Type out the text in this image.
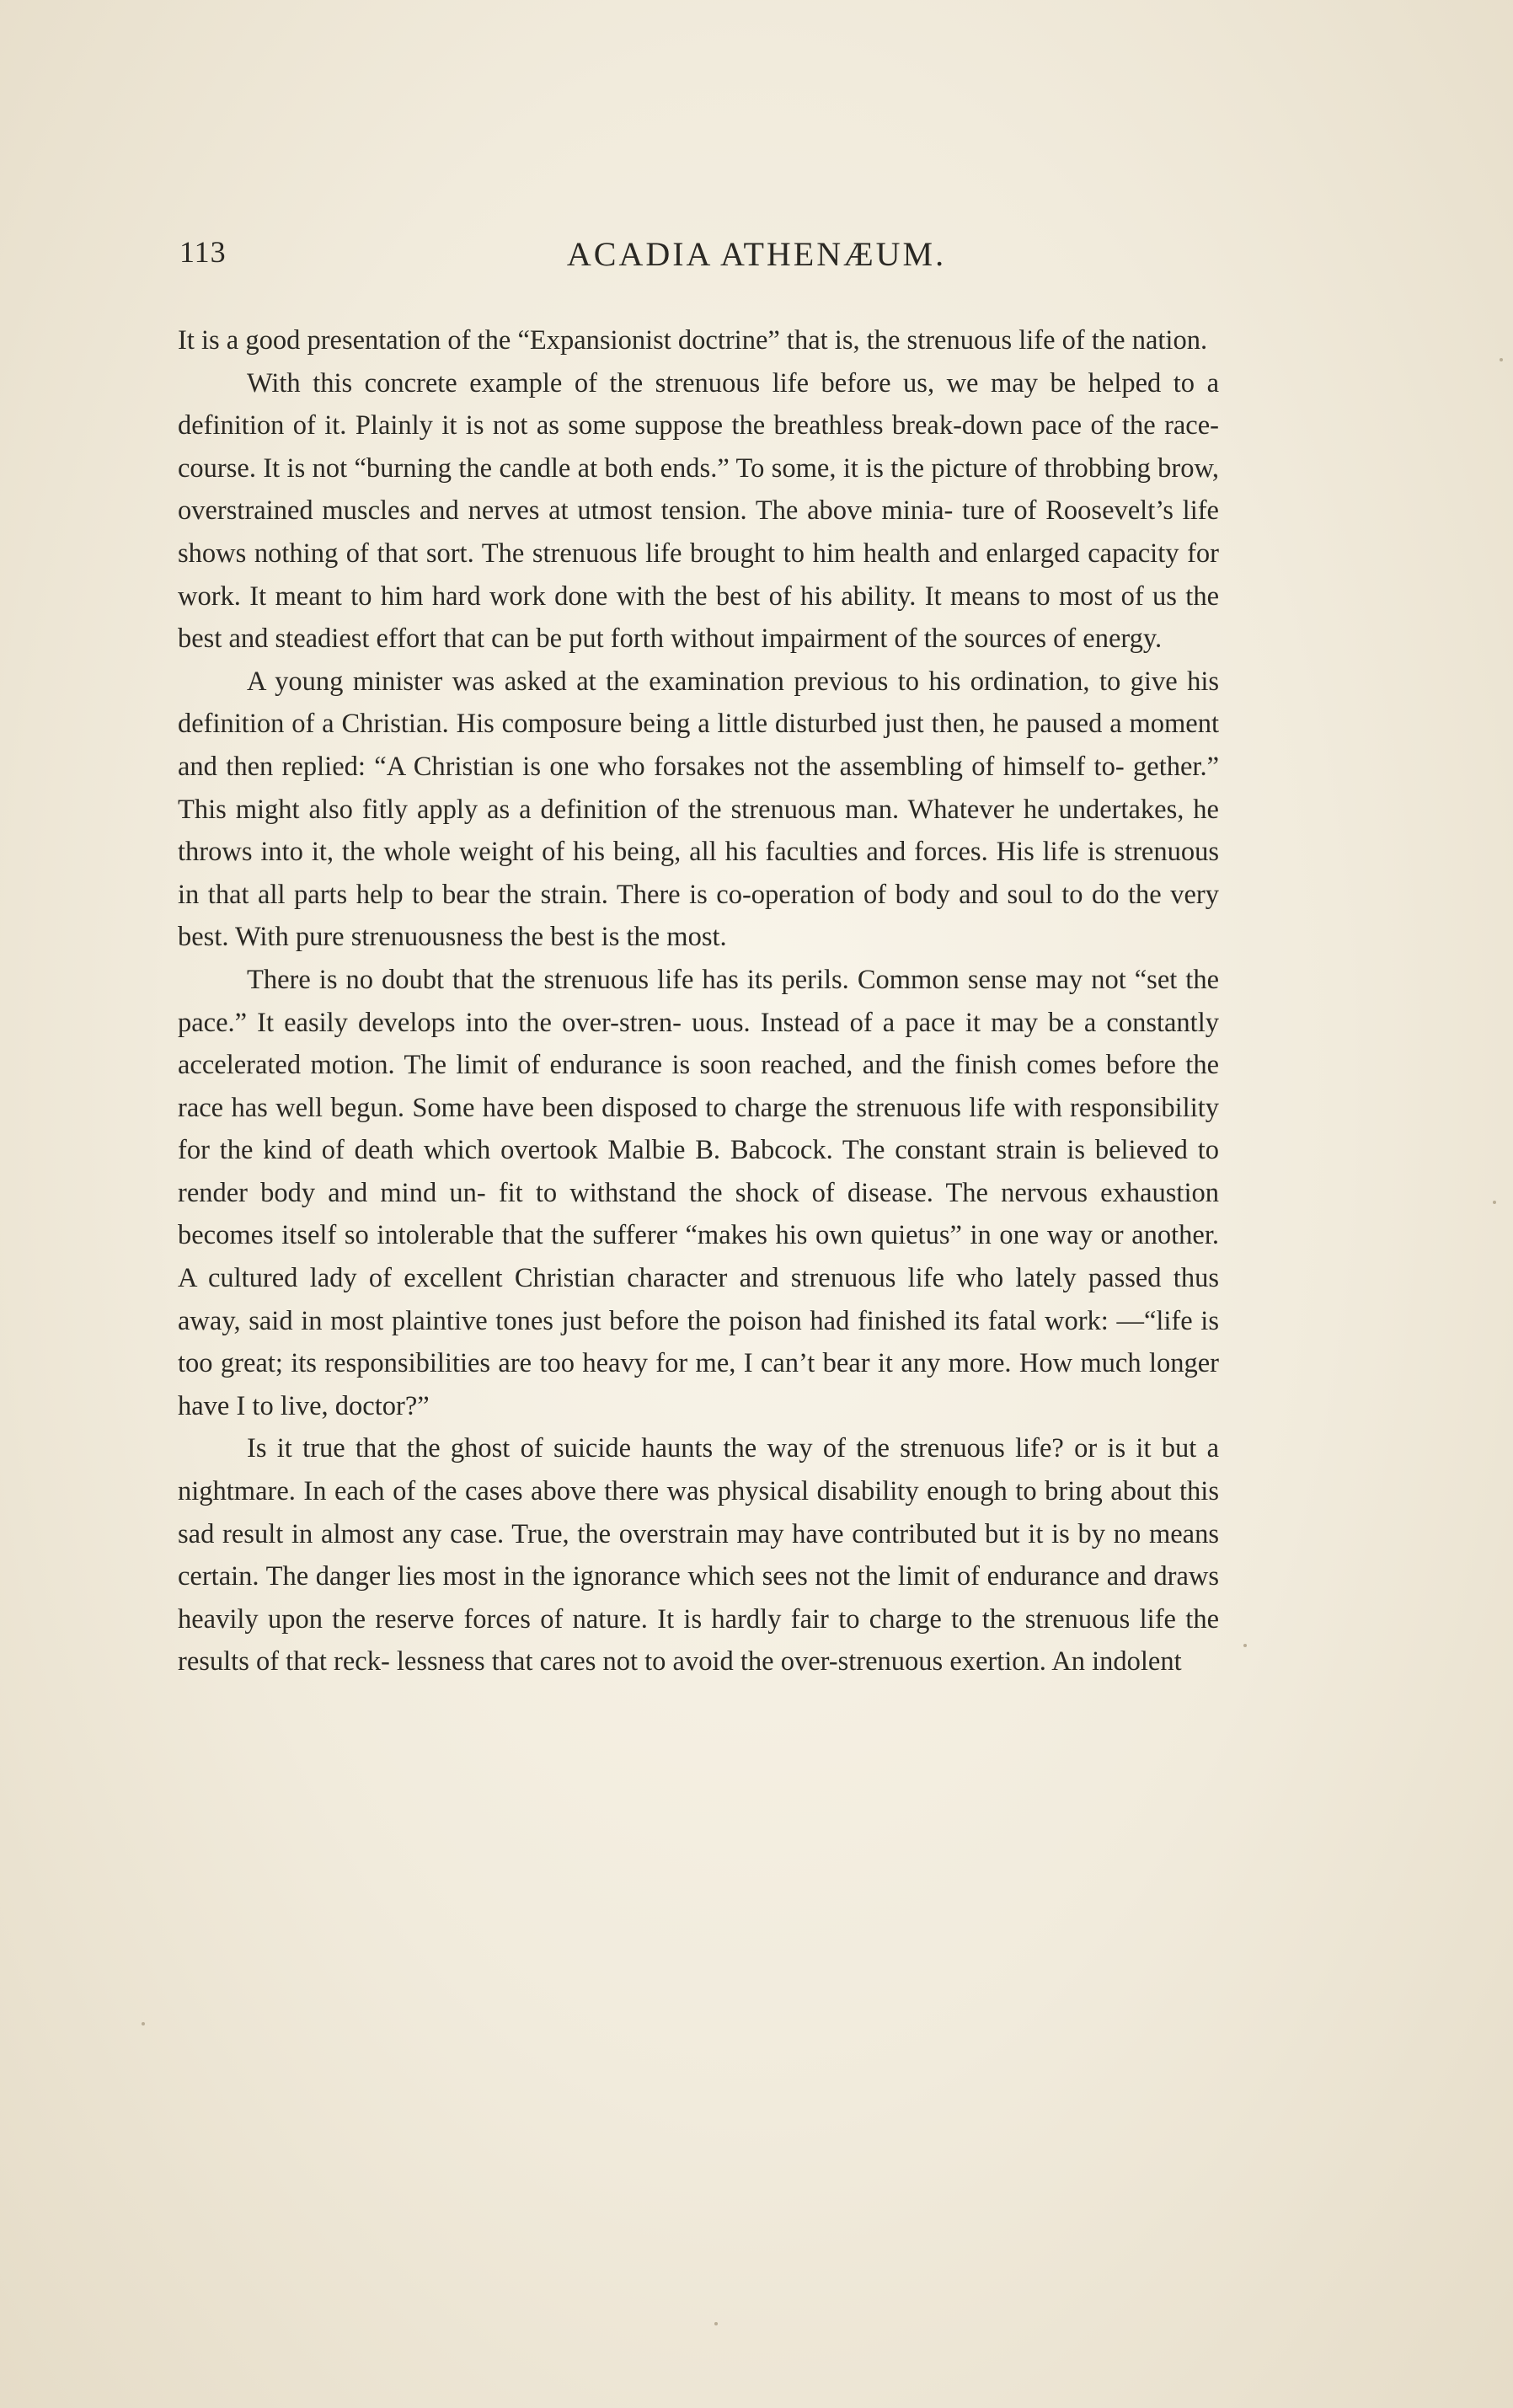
113	ACADIA ATHENÆUM.

It is a good presentation of the “Expansionist doctrine” that is, the strenuous life of the nation.

With this concrete example of the strenuous life before us, we may be helped to a definition of it. Plainly it is not as some suppose the breathless break-down pace of the race-course. It is not “burning the candle at both ends.” To some, it is the picture of throbbing brow, overstrained muscles and nerves at utmost tension. The above minia- ture of Roosevelt’s life shows nothing of that sort. The strenuous life brought to him health and enlarged capacity for work. It meant to him hard work done with the best of his ability. It means to most of us the best and steadiest effort that can be put forth without impairment of the sources of energy.

A young minister was asked at the examination previous to his ordination, to give his definition of a Christian. His composure being a little disturbed just then, he paused a moment and then replied: “A Christian is one who forsakes not the assembling of himself to- gether.” This might also fitly apply as a definition of the strenuous man. Whatever he undertakes, he throws into it, the whole weight of his being, all his faculties and forces. His life is strenuous in that all parts help to bear the strain. There is co-operation of body and soul to do the very best. With pure strenuousness the best is the most.

There is no doubt that the strenuous life has its perils. Common sense may not “set the pace.” It easily develops into the over-stren- uous. Instead of a pace it may be a constantly accelerated motion. The limit of endurance is soon reached, and the finish comes before the race has well begun. Some have been disposed to charge the strenuous life with responsibility for the kind of death which overtook Malbie B. Babcock. The constant strain is believed to render body and mind un- fit to withstand the shock of disease. The nervous exhaustion becomes itself so intolerable that the sufferer “makes his own quietus” in one way or another. A cultured lady of excellent Christian character and strenuous life who lately passed thus away, said in most plaintive tones just before the poison had finished its fatal work: —“life is too great; its responsibilities are too heavy for me, I can’t bear it any more. How much longer have I to live, doctor?”

Is it true that the ghost of suicide haunts the way of the strenuous life? or is it but a nightmare. In each of the cases above there was physical disability enough to bring about this sad result in almost any case. True, the overstrain may have contributed but it is by no means certain. The danger lies most in the ignorance which sees not the limit of endurance and draws heavily upon the reserve forces of nature. It is hardly fair to charge to the strenuous life the results of that reck- lessness that cares not to avoid the over-strenuous exertion. An indolent
